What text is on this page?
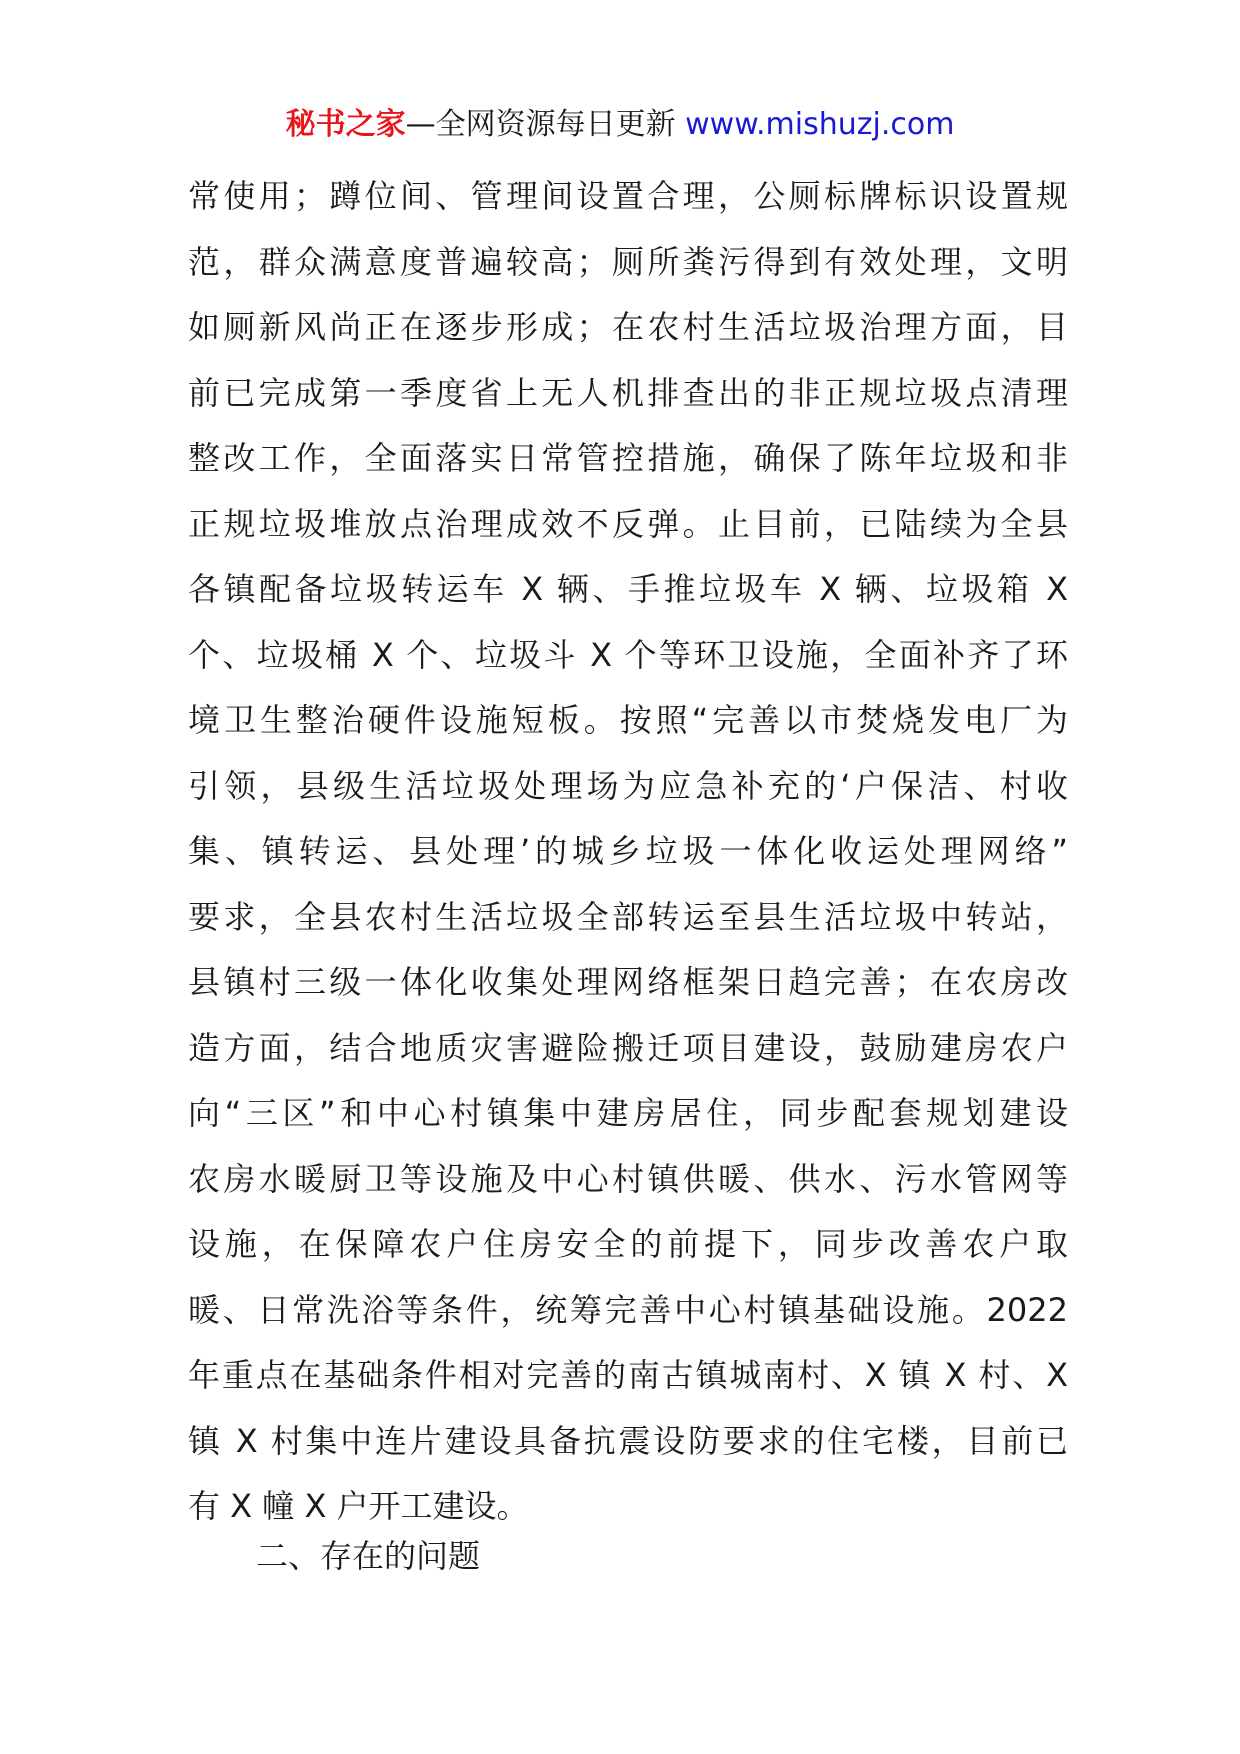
秘书之家—全网资源每日更新 www.mishuzj.com
常使用；蹲位间、管理间设置合理，公厕标牌标识设置规
范，群众满意度普遍较高；厕所粪污得到有效处理，文明
如厕新风尚正在逐步形成；在农村生活垃圾治理方面，目
前已完成第一季度省上无人机排查出的非正规垃圾点清理
整改工作，全面落实日常管控措施，确保了陈年垃圾和非
正规垃圾堆放点治理成效不反弹。止目前，已陆续为全县
各镇配备垃圾转运车 X 辆、手推垃圾车 X 辆、垃圾箱 X
个、垃圾桶 X 个、垃圾斗 X 个等环卫设施，全面补齐了环
境卫生整治硬件设施短板。按照“完善以市焚烧发电厂为
引领，县级生活垃圾处理场为应急补充的‘户保洁、村收
集、镇转运、县处理’的城乡垃圾一体化收运处理网络”
要求，全县农村生活垃圾全部转运至县生活垃圾中转站，
县镇村三级一体化收集处理网络框架日趋完善；在农房改
造方面，结合地质灾害避险搬迁项目建设，鼓励建房农户
向“三区”和中心村镇集中建房居住，同步配套规划建设
农房水暖厨卫等设施及中心村镇供暖、供水、污水管网等
设施，在保障农户住房安全的前提下，同步改善农户取
暖、日常洗浴等条件，统筹完善中心村镇基础设施。2022
年重点在基础条件相对完善的南古镇城南村、X 镇 X 村、X
镇 X 村集中连片建设具备抗震设防要求的住宅楼，目前已
有 X 幢 X 户开工建设。
二、存在的问题
